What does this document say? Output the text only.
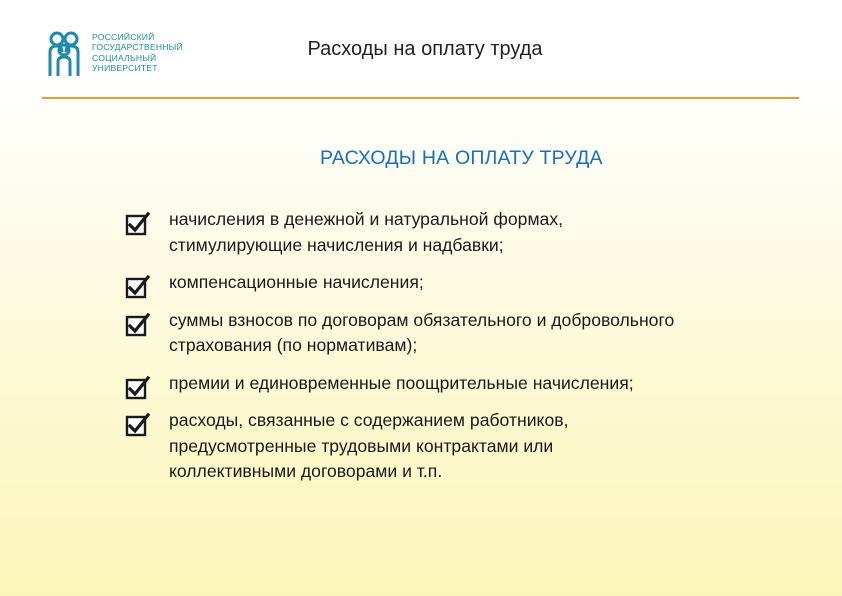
РОССИЙСКИЙ
ГОСУДАРСТВЕННЫЙ
СОЦИАЛЬНЫЙ
УНИВЕРСИТЕТ
Расходы на оплату труда
РАСХОДЫ НА ОПЛАТУ ТРУДА
начисления в денежной и натуральной формах,
стимулирующие начисления и надбавки;
компенсационные начисления;
суммы взносов по договорам обязательного и добровольного
страхования (по нормативам);
премии и единовременные поощрительные начисления;
расходы, связанные с содержанием работников,
предусмотренные трудовыми контрактами или
коллективными договорами и т.п.
